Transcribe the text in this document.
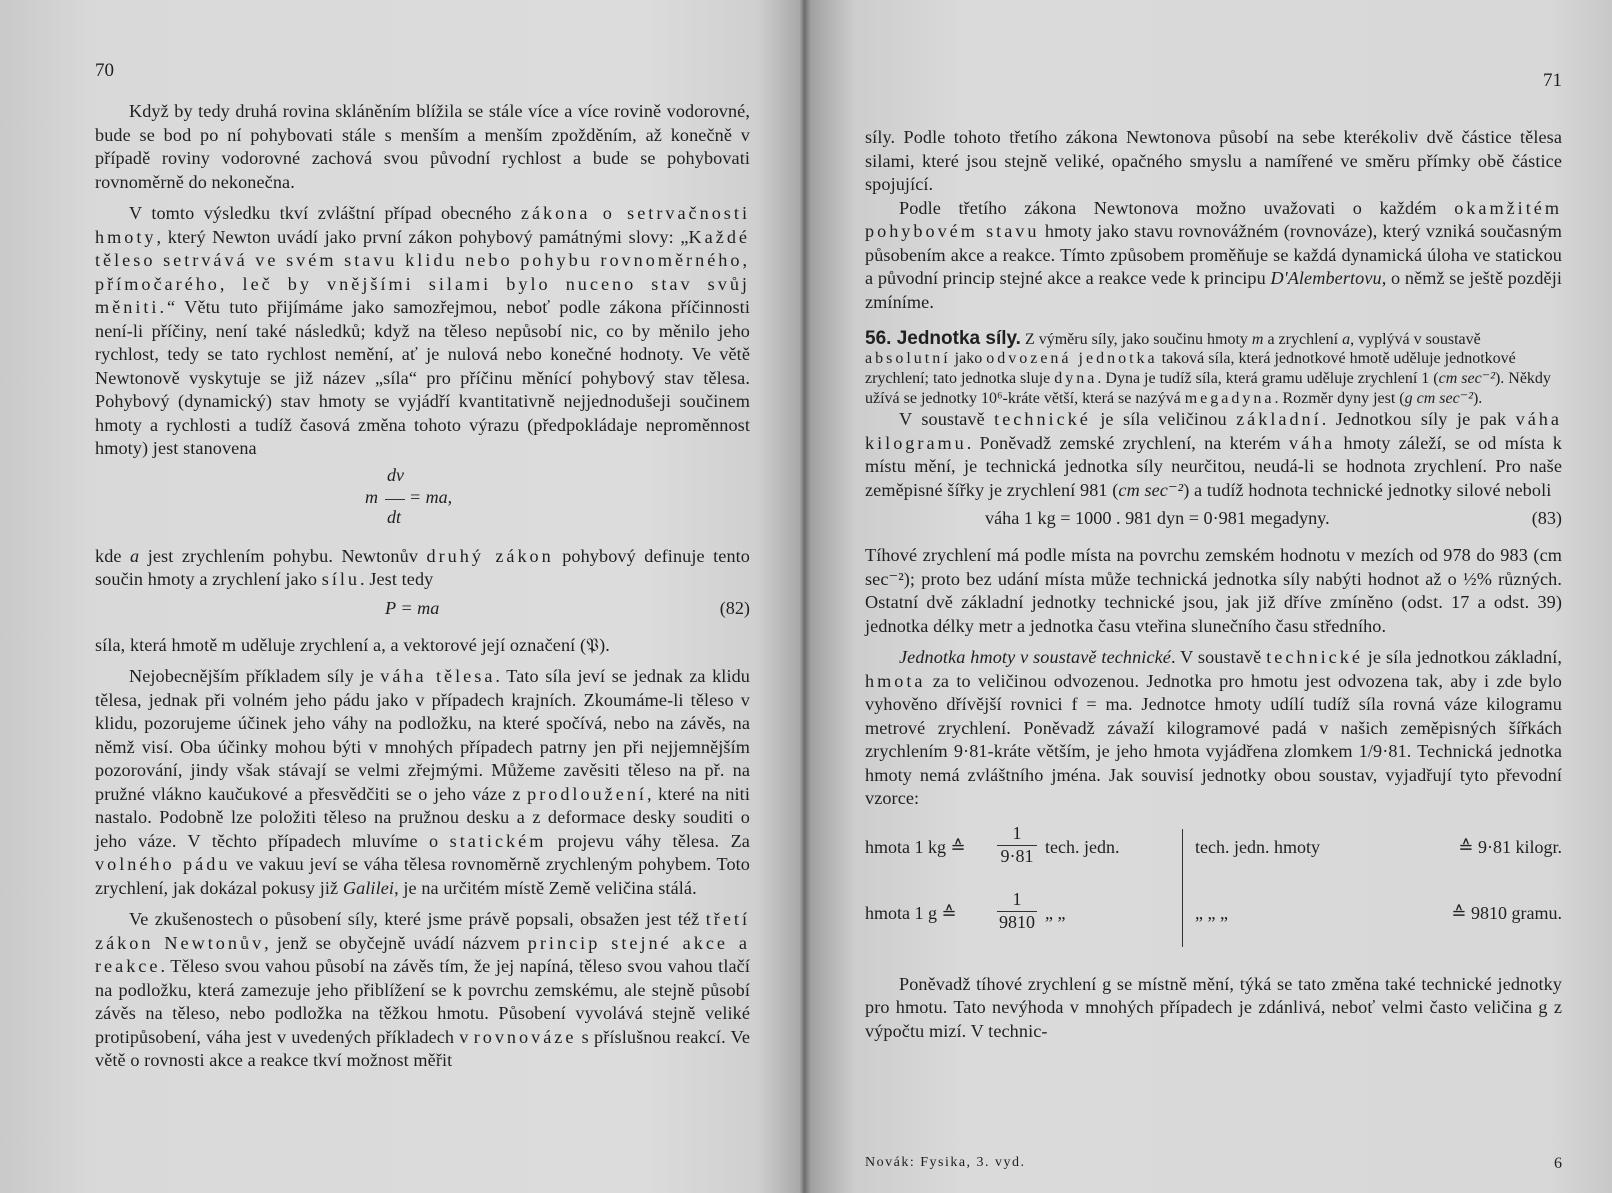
70

Když by tedy druhá rovina skláněním blížila se stále více a více rovině vodorovné, bude se bod po ní pohybovati stále s menším a menším zpožděním, až konečně v případě roviny vodorovné zachová svou původní rychlost a bude se pohybovati rovnoměrně do nekonečna.

V tomto výsledku tkví zvláštní případ obecného zákona o setrvačnosti hmoty, který Newton uvádí jako první zákon pohybový památnými slovy: „Každé těleso setrvává ve svém stavu klidu nebo pohybu rovnoměrného, přímočarého, leč by vnějšími silami bylo nuceno stav svůj měniti.“ Větu tuto přijímáme jako samozřejmou, neboť podle zákona příčinnosti není-li příčiny, není také následků; když na těleso nepůsobí nic, co by měnilo jeho rychlost, tedy se tato rychlost nemění, ať je nulová nebo konečné hodnoty. Ve větě Newtonově vyskytuje se již název „síla“ pro příčinu měnící pohybový stav tělesa. Pohybový (dynamický) stav hmoty se vyjádří kvantitativně nejjednodušeji součinem hmoty a rychlosti a tudíž časová změna tohoto výrazu (předpokládaje neproměnnost hmoty) jest stanovena

m
dv
dt
= ma,

kde a jest zrychlením pohybu. Newtonův druhý zákon pohybový definuje tento součin hmoty a zrychlení jako sílu. Jest tedy

P = ma	(82)

síla, která hmotě m uděluje zrychlení a, a vektorové její označení (𝔓).

Nejobecnějším příkladem síly je váha tělesa. Tato síla jeví se jednak za klidu tělesa, jednak při volném jeho pádu jako v případech krajních. Zkoumáme-li těleso v klidu, pozorujeme účinek jeho váhy na podložku, na které spočívá, nebo na závěs, na němž visí. Oba účinky mohou býti v mnohých případech patrny jen při nejjemnějším pozorování, jindy však stávají se velmi zřejmými. Můžeme zavěsiti těleso na př. na pružné vlákno kaučukové a přesvědčiti se o jeho váze z prodloužení, které na niti nastalo. Podobně lze položiti těleso na pružnou desku a z deformace desky souditi o jeho váze. V těchto případech mluvíme o statickém projevu váhy tělesa. Za volného pádu ve vakuu jeví se váha tělesa rovnoměrně zrychleným pohybem. Toto zrychlení, jak dokázal pokusy již Galilei, je na určitém místě Země veličina stálá.

Ve zkušenostech o působení síly, které jsme právě popsali, obsažen jest též třetí zákon Newtonův, jenž se obyčejně uvádí názvem princip stejné akce a reakce. Těleso svou vahou působí na závěs tím, že jej napíná, těleso svou vahou tlačí na podložku, která zamezuje jeho přiblížení se k povrchu zemskému, ale stejně působí závěs na těleso, nebo podložka na těžkou hmotu. Působení vyvolává stejně veliké protipůsobení, váha jest v uvedených příkladech v rovnováze s příslušnou reakcí. Ve větě o rovnosti akce a reakce tkví možnost měřit

71

síly. Podle tohoto třetího zákona Newtonova působí na sebe kterékoliv dvě částice tělesa silami, které jsou stejně veliké, opačného smyslu a namířené ve směru přímky obě částice spojující.

Podle třetího zákona Newtonova možno uvažovati o každém okamžitém pohybovém stavu hmoty jako stavu rovnovážném (rovnováze), který vzniká současným působením akce a reakce. Tímto způsobem proměňuje se každá dynamická úloha ve statickou a původní princip stejné akce a reakce vede k principu D'Alembertovu, o němž se ještě později zmíníme.

56. Jednotka síly. Z výměru síly, jako součinu hmoty m a zrychlení a, vyplývá v soustavě absolutní jako odvozená jednotka taková síla, která jednotkové hmotě uděluje jednotkové zrychlení; tato jednotka sluje dyna. Dyna je tudíž síla, která gramu uděluje zrychlení 1 (cm sec⁻²). Někdy užívá se jednotky 10⁶-kráte větší, která se nazývá megadyna. Rozměr dyny jest (g cm sec⁻²).

V soustavě technické je síla veličinou základní. Jednotkou síly je pak váha kilogramu. Poněvadž zemské zrychlení, na kterém váha hmoty záleží, se od místa k místu mění, je technická jednotka síly neurčitou, neudá-li se hodnota zrychlení. Pro naše zeměpisné šířky je zrychlení 981 (cm sec⁻²) a tudíž hodnota technické jednotky silové neboli

váha 1 kg = 1000 . 981 dyn = 0·981 megadyny.	(83)

Tíhové zrychlení má podle místa na povrchu zemském hodnotu v mezích od 978 do 983 (cm sec⁻²); proto bez udání místa může technická jednotka síly nabýti hodnot až o ½% různých. Ostatní dvě základní jednotky technické jsou, jak již dříve zmíněno (odst. 17 a odst. 39) jednotka délky metr a jednotka času vteřina slunečního času středního.

Jednotka hmoty v soustavě technické. V soustavě technické je síla jednotkou základní, hmota za to veličinou odvozenou. Jednotka pro hmotu jest odvozena tak, aby i zde bylo vyhověno dřívější rovnici f = ma. Jednotce hmoty udílí tudíž síla rovná váze kilogramu metrové zrychlení. Poněvadž závaží kilogramové padá v našich zeměpisných šířkách zrychlením 9·81-kráte větším, je jeho hmota vyjádřena zlomkem 1/9·81. Technická jednotka hmoty nemá zvláštního jména. Jak souvisí jednotky obou soustav, vyjadřují tyto převodní vzorce:

hmota 1 kg ≙
1
9·81 tech. jedn.	tech. jedn. hmoty	≙ 9·81 kilogr.
hmota 1 g ≙
1
9810 „ „	„ „ „	≙ 9810 gramu.

Poněvadž tíhové zrychlení g se místně mění, týká se tato změna také technické jednotky pro hmotu. Tato nevýhoda v mnohých případech je zdánlivá, neboť velmi často veličina g z výpočtu mizí. V technic-

Novák: Fysika, 3. vyd.	6
